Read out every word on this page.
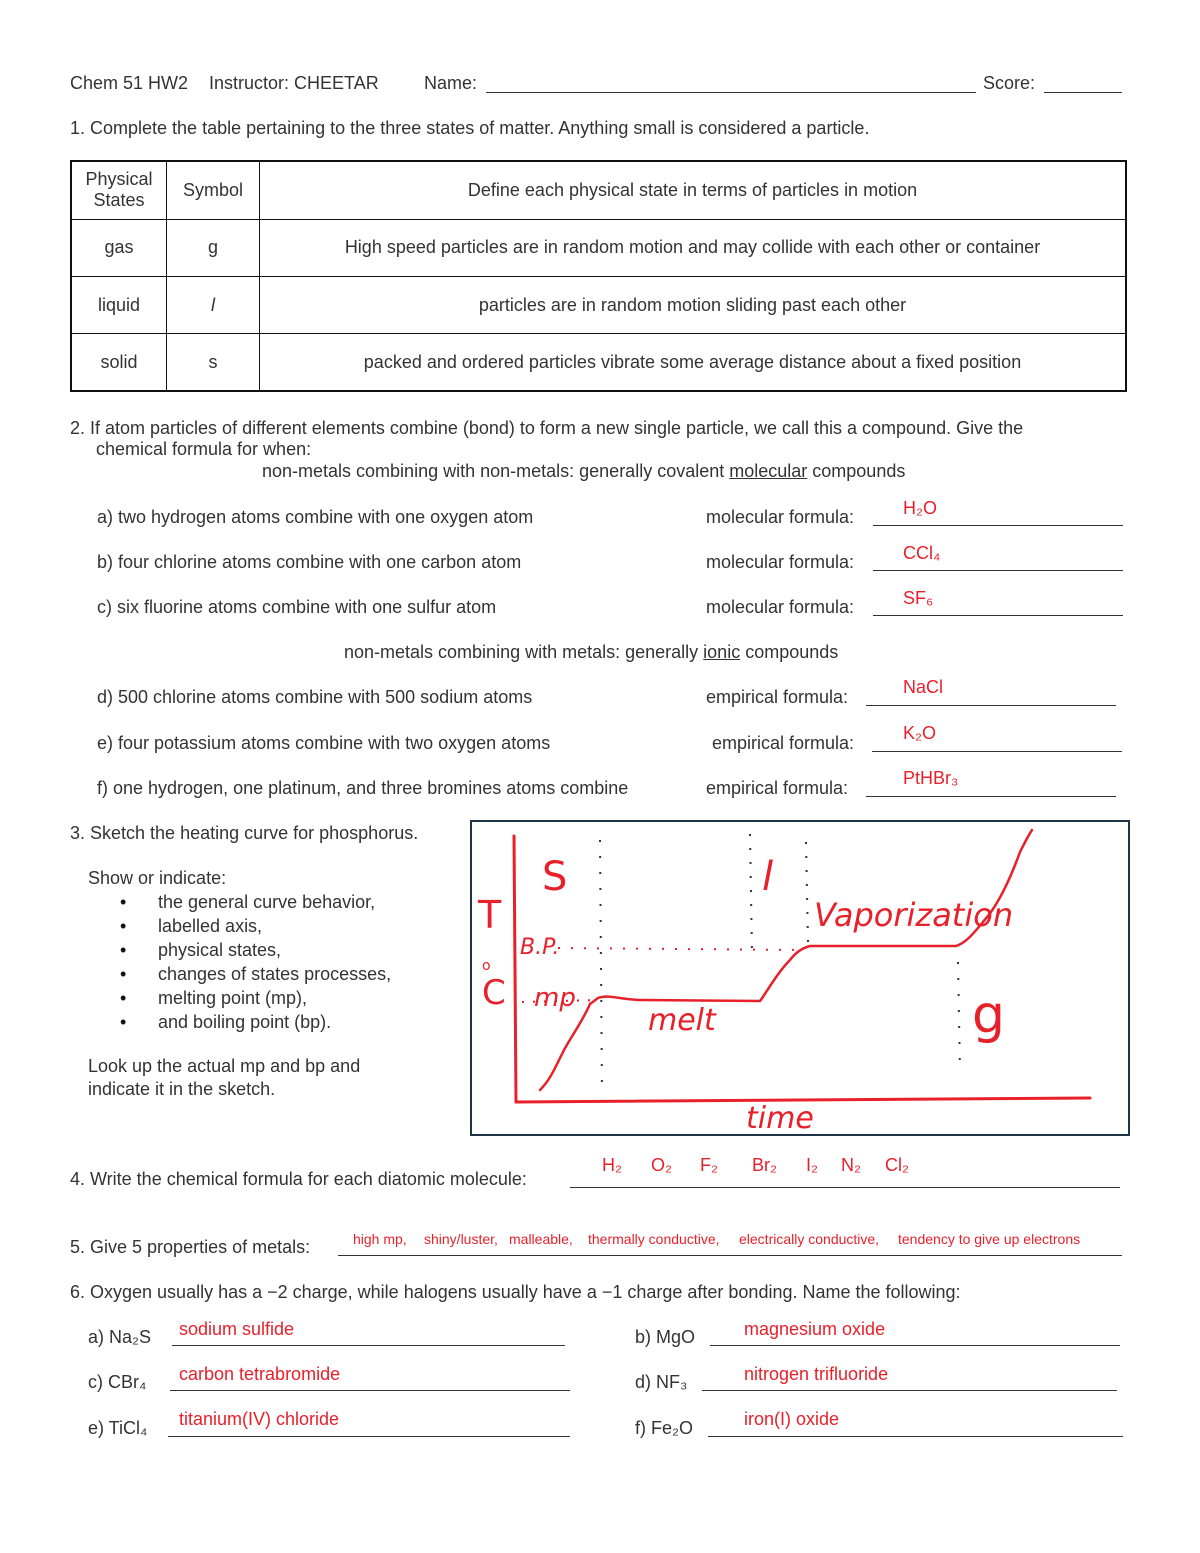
Chem 51 HW2 Instructor: CHEETAR	Name:	Score:
1. Complete the table pertaining to the three states of matter. Anything small is considered a particle.
Physical
States	Symbol	Define each physical state in terms of particles in motion
gas	g	High speed particles are in random motion and may collide with each other or container
liquid	l	particles are in random motion sliding past each other
solid	s	packed and ordered particles vibrate some average distance about a fixed position
2. If atom particles of different elements combine (bond) to form a new single particle, we call this a compound. Give the
chemical formula for when:
non-metals combining with non-metals: generally covalent molecular compounds
a) two hydrogen atoms combine with one oxygen atom	molecular formula:	H₂O
b) four chlorine atoms combine with one carbon atom	molecular formula:	CCl₄
c) six fluorine atoms combine with one sulfur atom	molecular formula:	SF₆
non-metals combining with metals: generally ionic compounds
d) 500 chlorine atoms combine with 500 sodium atoms	empirical formula:	NaCl
e) four potassium atoms combine with two oxygen atoms	empirical formula:	K₂O
f) one hydrogen, one platinum, and three bromines atoms combine	empirical formula:	PtHBr₃
3. Sketch the heating curve for phosphorus.
Show or indicate:
• the general curve behavior,
• labelled axis,
• physical states,
• changes of states processes,
• melting point (mp),
• and boiling point (bp).
Look up the actual mp and bp and
indicate it in the sketch.
T
o
C
B.P.
mp
S	l
g
melt
Vaporization
time
4. Write the chemical formula for each diatomic molecule:
H₂ O₂ F₂ Br₂ I₂ N₂ Cl₂
5. Give 5 properties of metals:	high mp, shiny/luster, malleable, thermally conductive, electrically conductive, tendency to give up electrons
6. Oxygen usually has a −2 charge, while halogens usually have a −1 charge after bonding. Name the following:
a) Na₂S sodium sulfide	b) MgO	magnesium oxide
c) CBr₄ carbon tetrabromide	d) NF₃	nitrogen trifluoride
e) TiCl₄ titanium(IV) chloride	f) Fe₂O	iron(I) oxide
